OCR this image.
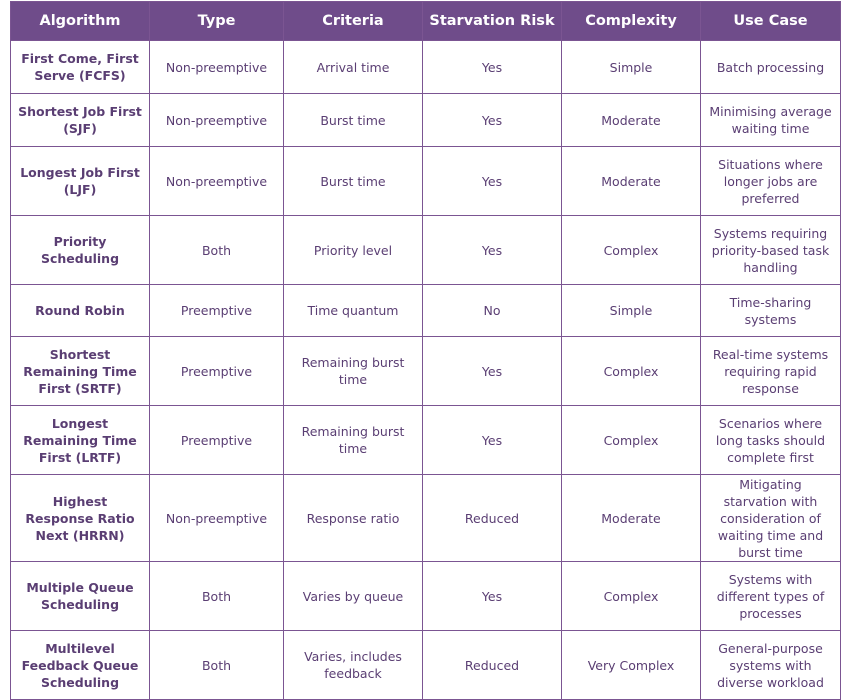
Algorithm	Type	Criteria	Starvation Risk	Complexity	Use Case
First Come, First Serve (FCFS)	Non-preemptive	Arrival time	Yes	Simple	Batch processing
Shortest Job First (SJF)	Non-preemptive	Burst time	Yes	Moderate	Minimising average waiting time
Longest Job First (LJF)	Non-preemptive	Burst time	Yes	Moderate	Situations where longer jobs are preferred
Priority Scheduling	Both	Priority level	Yes	Complex	Systems requiring priority-based task handling
Round Robin	Preemptive	Time quantum	No	Simple	Time-sharing systems
Shortest Remaining Time First (SRTF)	Preemptive	Remaining burst time	Yes	Complex	Real-time systems requiring rapid response
Longest Remaining Time First (LRTF)	Preemptive	Remaining burst time	Yes	Complex	Scenarios where long tasks should complete first
Highest Response Ratio Next (HRRN)	Non-preemptive	Response ratio	Reduced	Moderate	Mitigating starvation with consideration of waiting time and burst time
Multiple Queue Scheduling	Both	Varies by queue	Yes	Complex	Systems with different types of processes
Multilevel Feedback Queue Scheduling	Both	Varies, includes feedback	Reduced	Very Complex	General-purpose systems with diverse workload
